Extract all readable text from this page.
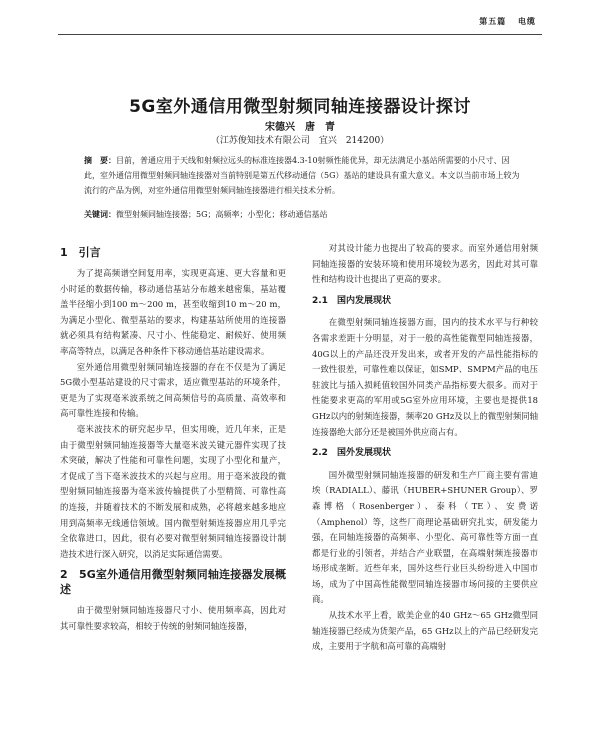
第五篇 电缆
5G室外通信用微型射频同轴连接器设计探讨
宋德兴　唐　青
（江苏俊知技术有限公司　宜兴　214200）

摘　要：目前，普通应用于天线和射频拉远头的标准连接器4.3-10射频性能优异，却无法满足小基站所需要的小尺寸、因此，室外通信用微型射频同轴连接器对当前特别是第五代移动通信（5G）基站的建设具有重大意义。本文以当前市场上较为流行的产品为例，对室外通信用微型射频同轴连接器进行相关技术分析。

关键词：微型射频同轴连接器；5G；高频率；小型化；移动通信基站

1　引言

为了提高频谱空间复用率，实现更高速、更大容量和更小时延的数据传输，移动通信基站分布越来越密集，基站覆盖半径缩小到100 m～200 m，甚至收缩到10 m～20 m，为满足小型化、微型基站的要求，构建基站所使用的连接器就必须具有结构紧凑、尺寸小、性能稳定、耐候好、使用频率高等特点，以满足各种条件下移动通信基站建设需求。

室外通信用微型射频同轴连接器的存在不仅是为了满足5G微小型基站建设的尺寸需求，适应微型基站的环境条件，更是为了实现毫米波系统之间高频信号的高质量、高效率和高可靠性连接和传输。

毫米波技术的研究起步早，但实用晚，近几年来，正是由于微型射频同轴连接器等大量毫米波关键元器件实现了技术突破，解决了性能和可靠性问题，实现了小型化和量产，才促成了当下毫米波技术的兴起与应用。用于毫米波段的微型射频同轴连接器为毫米波传输提供了小型精简、可靠性高的连接，并随着技术的不断发展和成熟，必将越来越多地应用到高频率无线通信领域。国内微型射频连接器应用几乎完全依靠进口，因此，很有必要对微型射频同轴连接器设计制造技术进行深入研究，以消足实际通信需要。

2　5G室外通信用微型射频同轴连接器发展概述

由于微型射频同轴连接器尺寸小、使用频率高，因此对其可靠性要求较高，相较于传统的射频同轴连接器，

对其设计能力也提出了较高的要求。而室外通信用射频同轴连接器的安装环境和使用环境较为恶劣，因此对其可靠性和结构设计也提出了更高的要求。

2.1　国内发展现状

在微型射频同轴连接器方面，国内的技术水平与行种较各需求差距十分明显，对于一般的高性能微型同轴连接器，40G以上的产品还没开发出来，或者开发的产品性能指标的一致性很差，可靠性难以保证，如SMP、SMPM产品的电压驻波比与插入损耗值较国外同类产品指标要大很多。而对于性能要求更高的军用或5G室外应用环境，主要也是提供18 GHz以内的射频连接器，频率20 GHz及以上的微型射频同轴连接器绝大部分还是被国外供应商占有。

2.2　国外发展现状

国外微型射频同轴连接器的研发和生产厂商主要有雷迪埃（RADIALL）、藤讯（HUBER+SHUNER Group）、罗森博格（Rosenberger）、泰科（TE）、安费诺（Amphenol）等，这些厂商理论基础研究扎实，研发能力强，在同轴连接器的高频率、小型化、高可靠性等方面一直都是行业的引领者，并结合产业联盟，在高端射频连接器市场形成垄断。近些年来，国外这些行业巨头纷纷进入中国市场，成为了中国高性能微型同轴连接器市场问接的主要供应商。

从技术水平上看，欧美企业的40 GHz～65 GHz微型同轴连接器已经成为货架产品，65 GHz以上的产品已经研发完成，主要用于字航和高可靠的高端射
